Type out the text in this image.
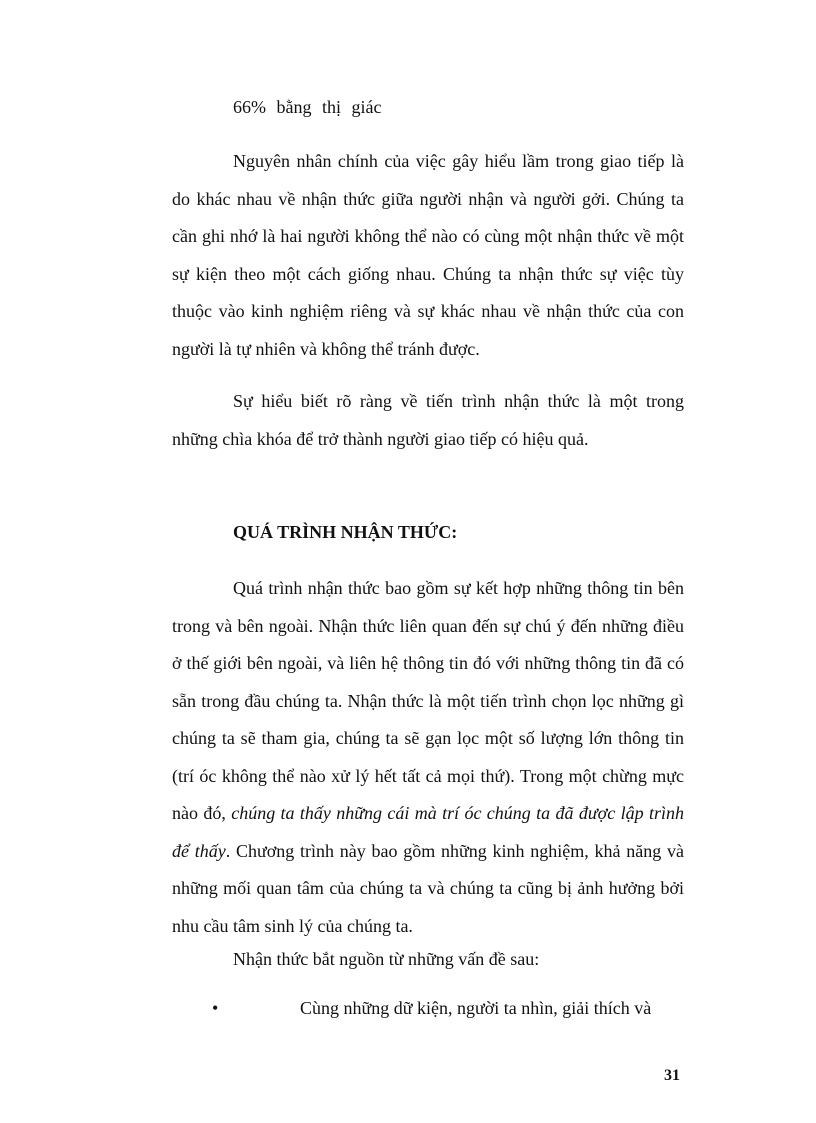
66% bằng thị giác

Nguyên nhân chính của việc gây hiểu lầm trong giao tiếp là do khác nhau về nhận thức giữa người nhận và người gởi. Chúng ta cần ghi nhớ là hai người không thể nào có cùng một nhận thức về một sự kiện theo một cách giống nhau. Chúng ta nhận thức sự việc tùy thuộc vào kinh nghiệm riêng và sự khác nhau về nhận thức của con người là tự nhiên và không thể tránh được.

Sự hiểu biết rõ ràng về tiến trình nhận thức là một trong những chìa khóa để trở thành người giao tiếp có hiệu quả.

QUÁ TRÌNH NHẬN THỨC:

Quá trình nhận thức bao gồm sự kết hợp những thông tin bên trong và bên ngoài. Nhận thức liên quan đến sự chú ý đến những điều ở thế giới bên ngoài, và liên hệ thông tin đó với những thông tin đã có sẵn trong đầu chúng ta. Nhận thức là một tiến trình chọn lọc những gì chúng ta sẽ tham gia, chúng ta sẽ gạn lọc một số lượng lớn thông tin (trí óc không thể nào xử lý hết tất cả mọi thứ). Trong một chừng mực nào đó, chúng ta thấy những cái mà trí óc chúng ta đã được lập trình để thấy. Chương trình này bao gồm những kinh nghiệm, khả năng và những mối quan tâm của chúng ta và chúng ta cũng bị ảnh hưởng bởi nhu cầu tâm sinh lý của chúng ta.

Nhận thức bắt nguồn từ những vấn đề sau:

•	Cùng những dữ kiện, người ta nhìn, giải thích và
31
